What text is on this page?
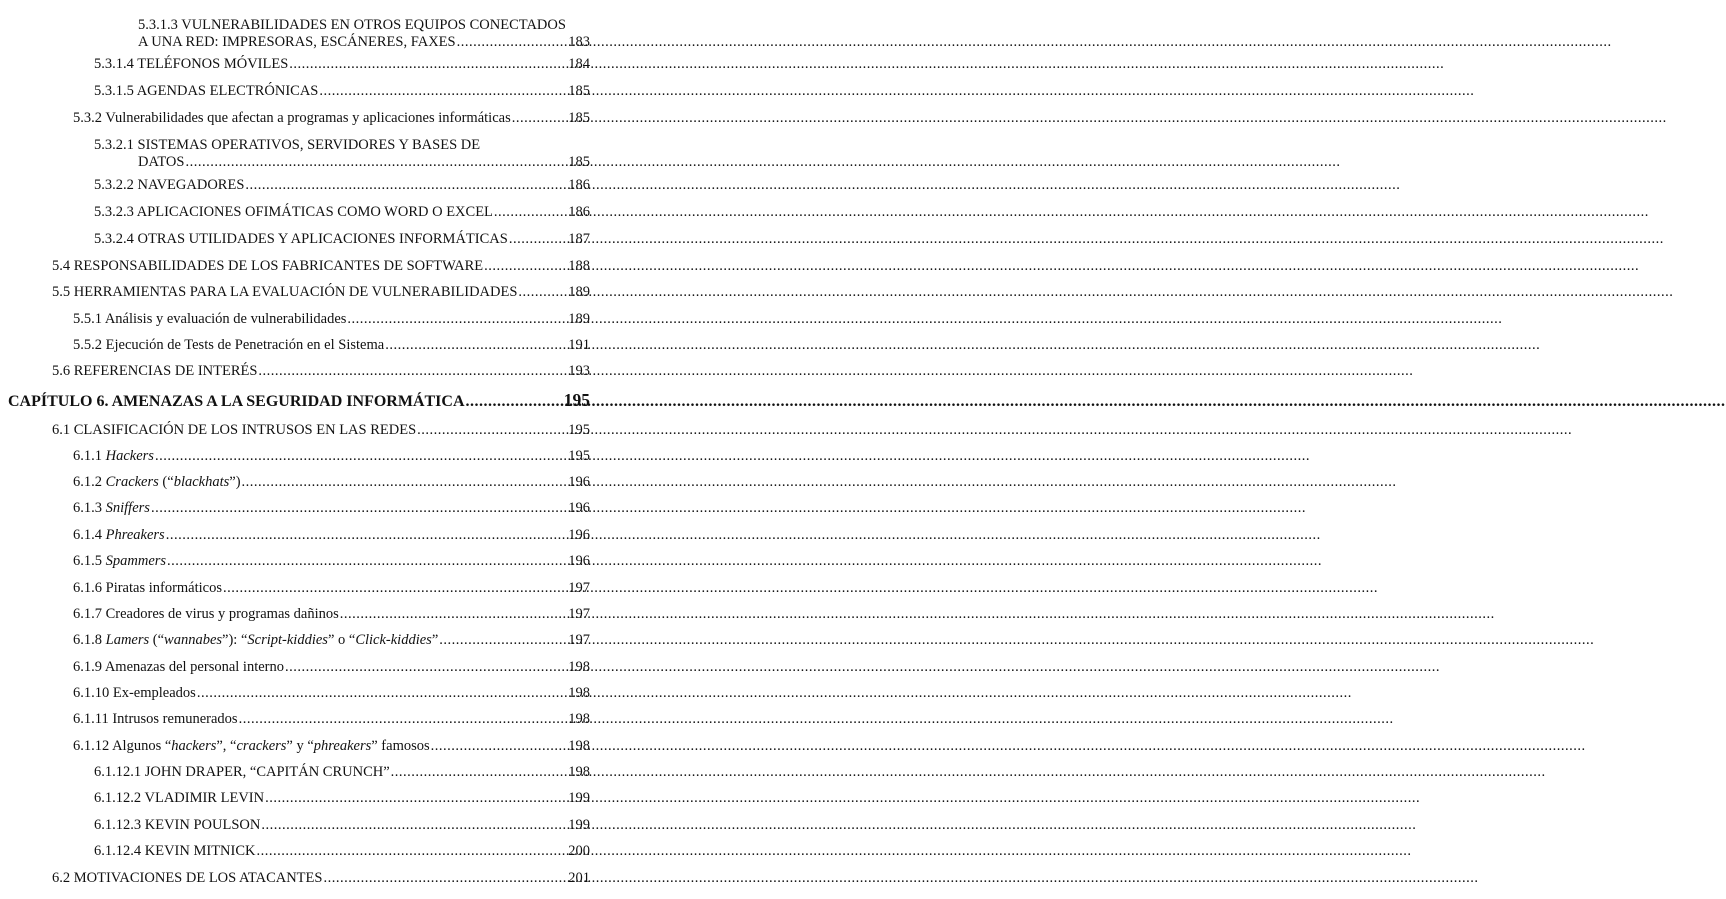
5.3.1.3 VULNERABILIDADES EN OTROS EQUIPOS CONECTADOS
A UNA RED: IMPRESORAS, ESCÁNERES, FAXES .....	183
5.3.1.4 TELÉFONOS MÓVILES .....	184
5.3.1.5 AGENDAS ELECTRÓNICAS .....	185
5.3.2 Vulnerabilidades que afectan a programas y aplicaciones informáticas .....	185
5.3.2.1 SISTEMAS OPERATIVOS, SERVIDORES Y BASES DE
DATOS .....	185
5.3.2.2 NAVEGADORES .....	186
5.3.2.3 APLICACIONES OFIMÁTICAS COMO WORD O EXCEL .....	186
5.3.2.4 OTRAS UTILIDADES Y APLICACIONES INFORMÁTICAS .....	187
5.4 RESPONSABILIDADES DE LOS FABRICANTES DE SOFTWARE .....	188
5.5 HERRAMIENTAS PARA LA EVALUACIÓN DE VULNERABILIDADES .....	189
5.5.1 Análisis y evaluación de vulnerabilidades .....	189
5.5.2 Ejecución de Tests de Penetración en el Sistema .....	191
5.6 REFERENCIAS DE INTERÉS .....	193
CAPÍTULO 6. AMENAZAS A LA SEGURIDAD INFORMÁTICA .....	195
6.1 CLASIFICACIÓN DE LOS INTRUSOS EN LAS REDES .....	195
6.1.1 Hackers .....	195
6.1.2 Crackers (“blackhats”) .....	196
6.1.3 Sniffers .....	196
6.1.4 Phreakers .....	196
6.1.5 Spammers .....	196
6.1.6 Piratas informáticos .....	197
6.1.7 Creadores de virus y programas dañinos .....	197
6.1.8 Lamers (“wannabes”): “Script-kiddies” o “Click-kiddies” .....	197
6.1.9 Amenazas del personal interno .....	198
6.1.10 Ex-empleados .....	198
6.1.11 Intrusos remunerados .....	198
6.1.12 Algunos “hackers”, “crackers” y “phreakers” famosos .....	198
6.1.12.1 JOHN DRAPER, “CAPITÁN CRUNCH” .....	198
6.1.12.2 VLADIMIR LEVIN .....	199
6.1.12.3 KEVIN POULSON .....	199
6.1.12.4 KEVIN MITNICK .....	200
6.2 MOTIVACIONES DE LOS ATACANTES .....	201
